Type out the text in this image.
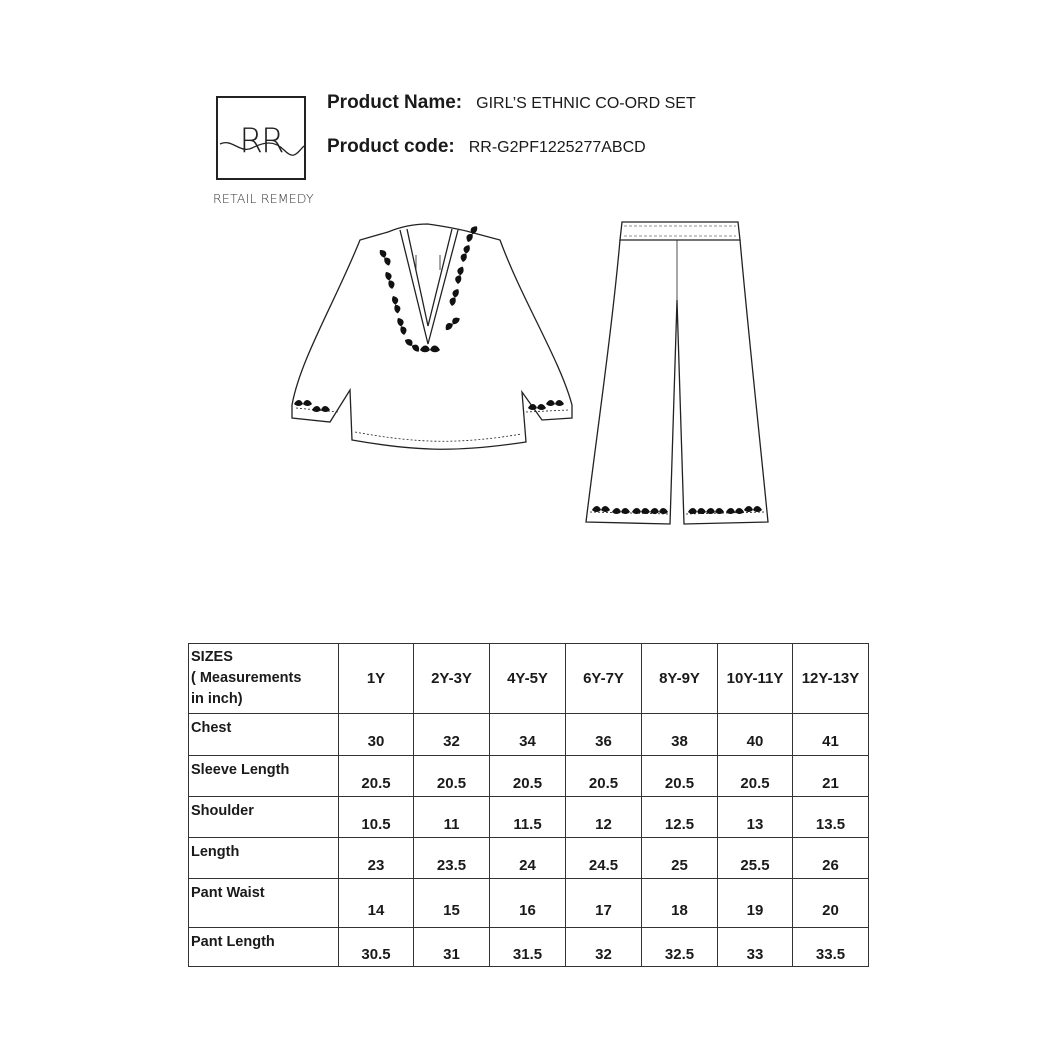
RR
RETAIL REMEDY
Product Name: GIRL’S ETHNIC CO-ORD SET
Product code: RR-G2PF1225277ABCD
SIZES
( Measurements
in inch)	1Y	2Y-3Y	4Y-5Y	6Y-7Y	8Y-9Y	10Y-11Y	12Y-13Y
Chest	30	32	34	36	38	40	41
Sleeve Length	20.5	20.5	20.5	20.5	20.5	20.5	21
Shoulder	10.5	11	11.5	12	12.5	13	13.5
Length	23	23.5	24	24.5	25	25.5	26
Pant Waist	14	15	16	17	18	19	20
Pant Length	30.5	31	31.5	32	32.5	33	33.5
